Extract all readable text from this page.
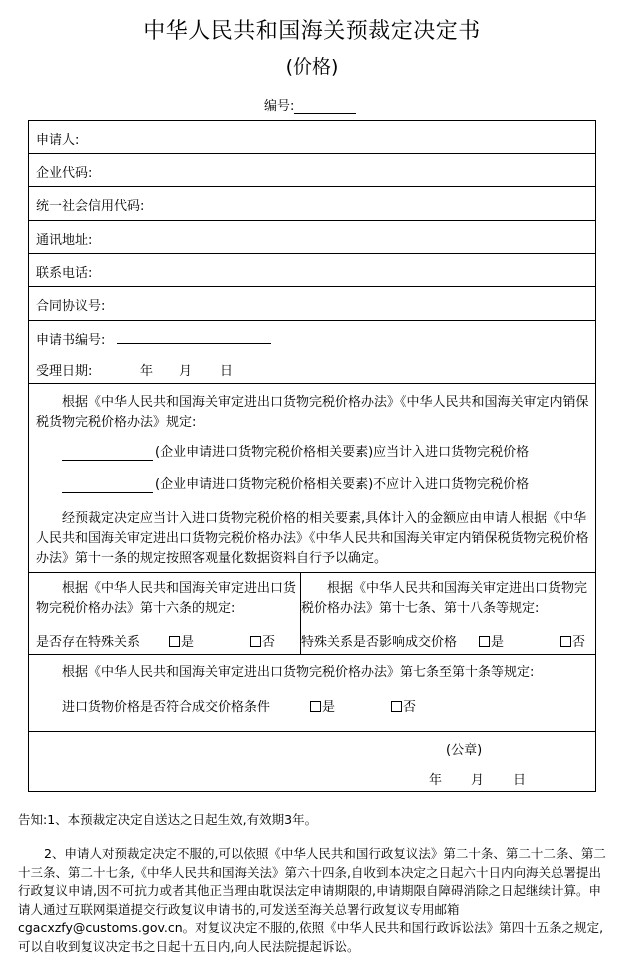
中华人民共和国海关预裁定决定书
(价格)
编号:
申请人:
企业代码:
统一社会信用代码:
通讯地址:
联系电话:
合同协议号:
申请书编号:
受理日期:	年 月 日
根据《中华人民共和国海关审定进出口货物完税价格办法》《中华人民共和国海关审定内销保税货物完税价格办法》规定:
(企业申请进口货物完税价格相关要素)应当计入进口货物完税价格
(企业申请进口货物完税价格相关要素)不应计入进口货物完税价格
经预裁定决定应当计入进口货物完税价格的相关要素,具体计入的金额应由申请人根据《中华人民共和国海关审定进出口货物完税价格办法》《中华人民共和国海关审定内销保税货物完税价格办法》第十一条的规定按照客观量化数据资料自行予以确定。
根据《中华人民共和国海关审定进出口货物完税价格办法》第十六条的规定:
是否存在特殊关系	是	否
根据《中华人民共和国海关审定进出口货物完税价格办法》第十七条、第十八条等规定:
特殊关系是否影响成交价格	是	否
根据《中华人民共和国海关审定进出口货物完税价格办法》第七条至第十条等规定:
进口货物价格是否符合成交价格条件	是	否
(公章)
年 月 日
告知:1、本预裁定决定自送达之日起生效,有效期3年。
2、申请人对预裁定决定不服的,可以依照《中华人民共和国行政复议法》第二十条、第二十二条、第二十三条、第二十七条,《中华人民共和国海关法》第六十四条,自收到本决定之日起六十日内向海关总署提出行政复议申请,因不可抗力或者其他正当理由耽误法定申请期限的,申请期限自障碍消除之日起继续计算。申请人通过互联网渠道提交行政复议申请书的,可发送至海关总署行政复议专用邮箱 cgacxzfy@customs.gov.cn。对复议决定不服的,依照《中华人民共和国行政诉讼法》第四十五条之规定,可以自收到复议决定书之日起十五日内,向人民法院提起诉讼。
